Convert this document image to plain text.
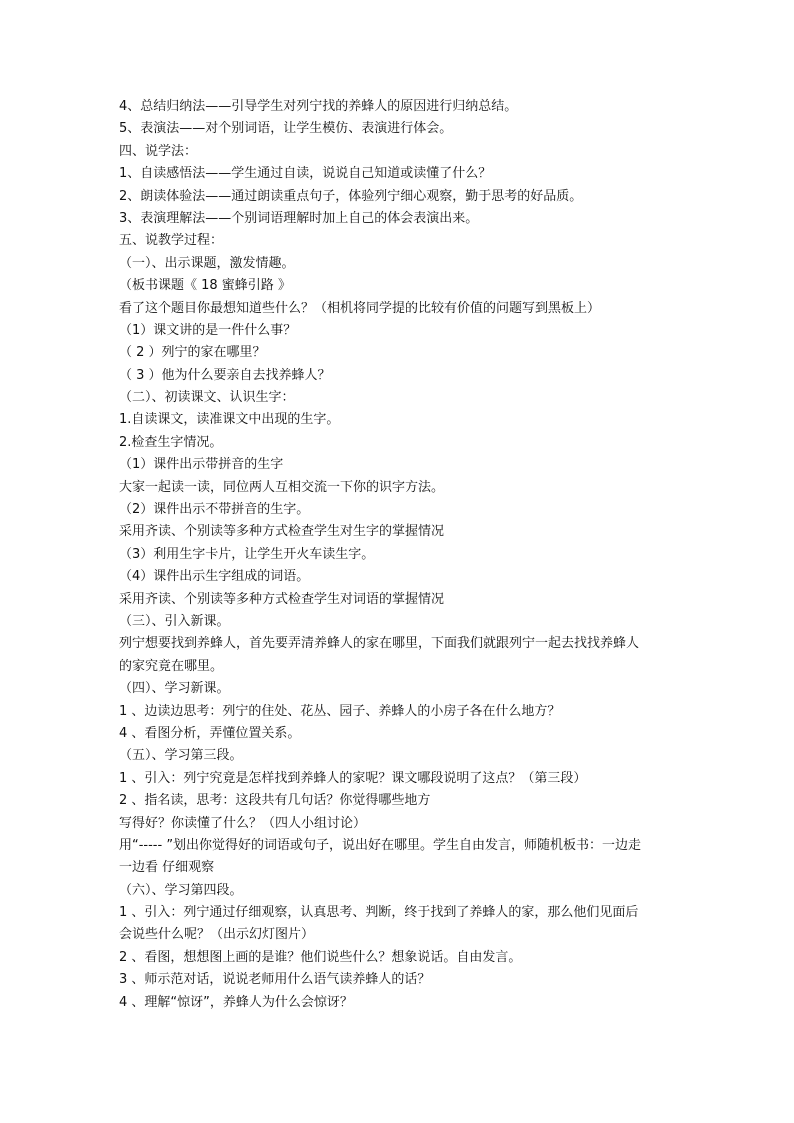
4、总结归纳法——引导学生对列宁找的养蜂人的原因进行归纳总结。
5、表演法——对个别词语，让学生模仿、表演进行体会。
四、说学法：
1、自读感悟法——学生通过自读，说说自己知道或读懂了什么？
2、朗读体验法——通过朗读重点句子，体验列宁细心观察，勤于思考的好品质。
3、表演理解法——个别词语理解时加上自己的体会表演出来。
五、说教学过程：
（一）、出示课题，激发情趣。
（板书课题《 18 蜜蜂引路 》
看了这个题目你最想知道些什么？（相机将同学提的比较有价值的问题写到黑板上）
（1）课文讲的是一件什么事？
（ 2 ）列宁的家在哪里？
（ 3 ）他为什么要亲自去找养蜂人？
（二）、初读课文、认识生字：
1.自读课文，读准课文中出现的生字。
2.检查生字情况。
（1）课件出示带拼音的生字
大家一起读一读，同位两人互相交流一下你的识字方法。
（2）课件出示不带拼音的生字。
采用齐读、个别读等多种方式检查学生对生字的掌握情况
（3）利用生字卡片，让学生开火车读生字。
（4）课件出示生字组成的词语。
采用齐读、个别读等多种方式检查学生对词语的掌握情况
（三）、引入新课。
列宁想要找到养蜂人，首先要弄清养蜂人的家在哪里，下面我们就跟列宁一起去找找养蜂人
的家究竟在哪里。
（四）、学习新课。
1 、边读边思考：列宁的住处、花丛、园子、养蜂人的小房子各在什么地方？
4 、看图分析，弄懂位置关系。
（五）、学习第三段。
1 、引入：列宁究竟是怎样找到养蜂人的家呢？课文哪段说明了这点？（第三段）
2 、指名读，思考：这段共有几句话？你觉得哪些地方
写得好？你读懂了什么？（四人小组讨论）
用“----- ”划出你觉得好的词语或句子，说出好在哪里。学生自由发言，师随机板书：一边走
一边看 仔细观察
（六）、学习第四段。
1 、引入：列宁通过仔细观察，认真思考、判断，终于找到了养蜂人的家，那么他们见面后
会说些什么呢？（出示幻灯图片）
2 、看图，想想图上画的是谁？他们说些什么？想象说话。自由发言。
3 、师示范对话，说说老师用什么语气读养蜂人的话？
4 、理解“惊讶”，养蜂人为什么会惊讶？
